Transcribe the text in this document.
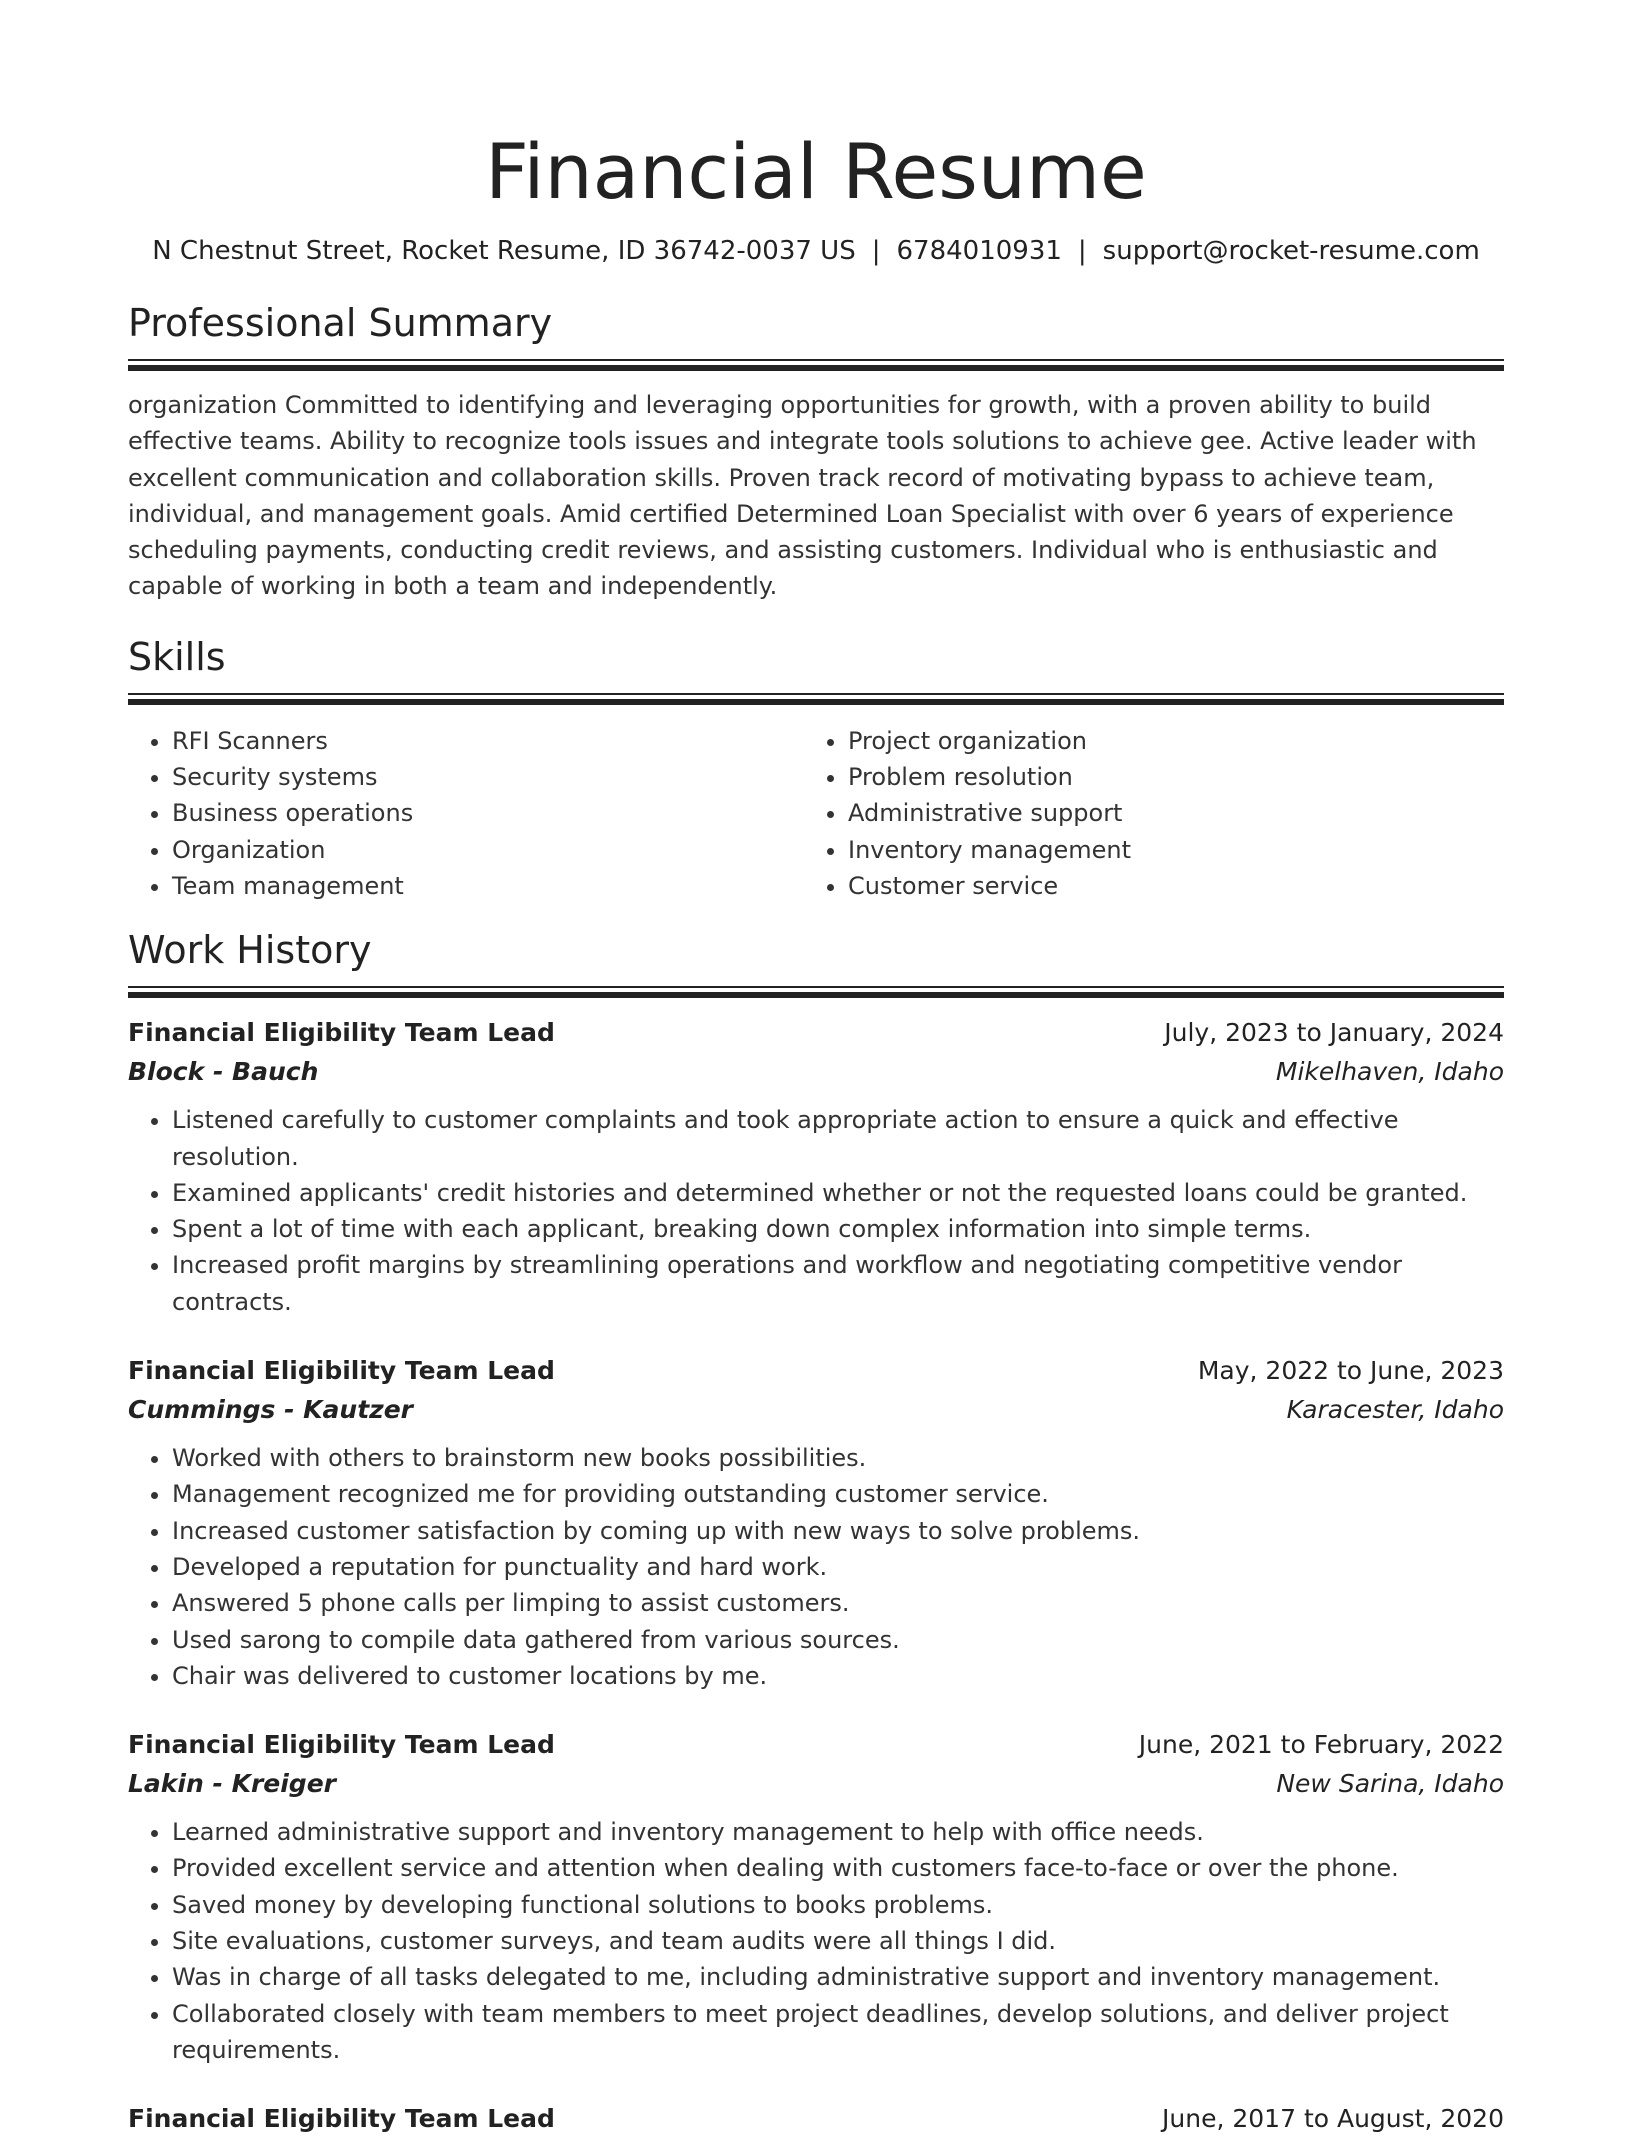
Financial Resume
N Chestnut Street, Rocket Resume, ID 36742-0037 US | 6784010931 | support@rocket-resume.com
Professional Summary

organization Committed to identifying and leveraging opportunities for growth, with a proven ability to build effective teams. Ability to recognize tools issues and integrate tools solutions to achieve gee. Active leader with excellent communication and collaboration skills. Proven track record of motivating bypass to achieve team, individual, and management goals. Amid certified Determined Loan Specialist with over 6 years of experience scheduling payments, conducting credit reviews, and assisting customers. Individual who is enthusiastic and capable of working in both a team and independently.

Skills
• RFI Scanners
• Security systems
• Business operations
• Organization
• Team management
• Project organization
• Problem resolution
• Administrative support
• Inventory management
• Customer service
Work History
Financial Eligibility Team Lead	July, 2023 to January, 2024
Block - Bauch	Mikelhaven, Idaho
• Listened carefully to customer complaints and took appropriate action to ensure a quick and effective resolution.
• Examined applicants' credit histories and determined whether or not the requested loans could be granted.
• Spent a lot of time with each applicant, breaking down complex information into simple terms.
• Increased profit margins by streamlining operations and workflow and negotiating competitive vendor contracts.
Financial Eligibility Team Lead	May, 2022 to June, 2023
Cummings - Kautzer	Karacester, Idaho
• Worked with others to brainstorm new books possibilities.
• Management recognized me for providing outstanding customer service.
• Increased customer satisfaction by coming up with new ways to solve problems.
• Developed a reputation for punctuality and hard work.
• Answered 5 phone calls per limping to assist customers.
• Used sarong to compile data gathered from various sources.
• Chair was delivered to customer locations by me.
Financial Eligibility Team Lead	June, 2021 to February, 2022
Lakin - Kreiger	New Sarina, Idaho
• Learned administrative support and inventory management to help with office needs.
• Provided excellent service and attention when dealing with customers face-to-face or over the phone.
• Saved money by developing functional solutions to books problems.
• Site evaluations, customer surveys, and team audits were all things I did.
• Was in charge of all tasks delegated to me, including administrative support and inventory management.
• Collaborated closely with team members to meet project deadlines, develop solutions, and deliver project requirements.
Financial Eligibility Team Lead	June, 2017 to August, 2020
